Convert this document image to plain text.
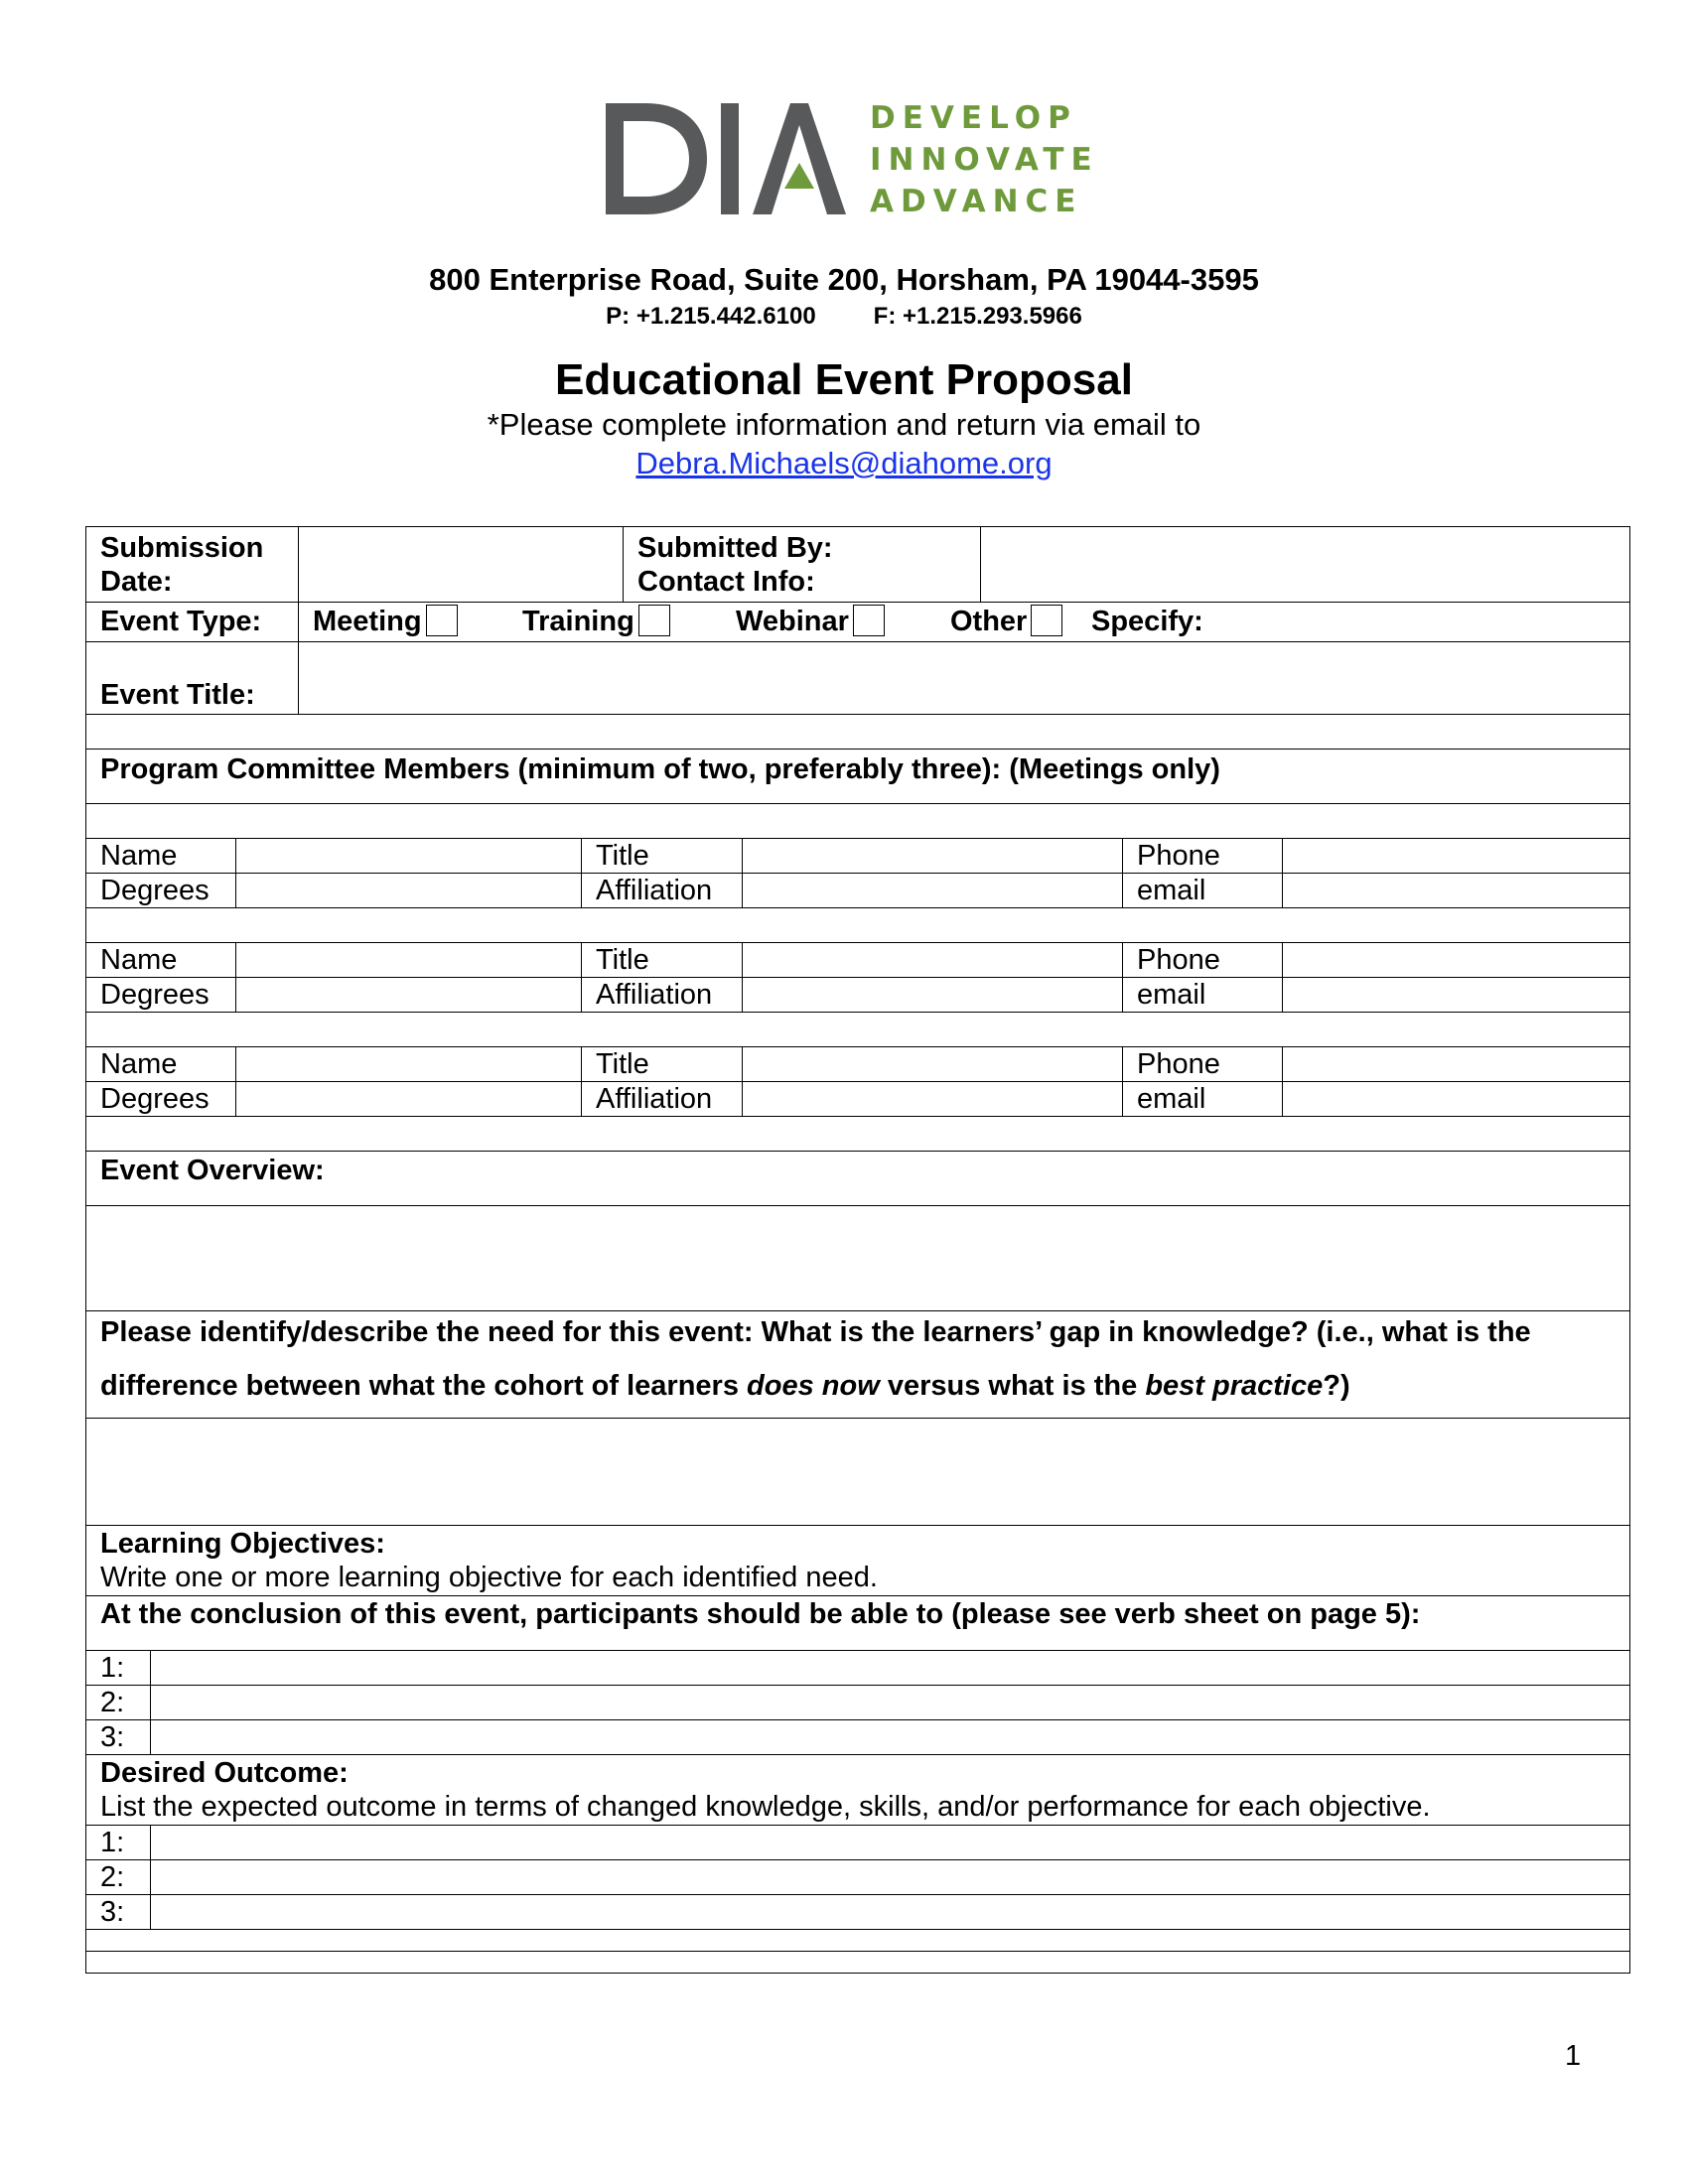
DEVELOP
INNOVATE
ADVANCE
800 Enterprise Road, Suite 200, Horsham, PA 19044-3595
P: +1.215.442.6100 F: +1.215.293.5966
Educational Event Proposal
*Please complete information and return via email to
Debra.Michaels@diahome.org
Submission
Date:
Submitted By:
Contact Info:
Event Type: Meeting	Training	Webinar	Other	Specify:
Event Title:
Program Committee Members (minimum of two, preferably three): (Meetings only)
Name	Title	Phone
Degrees	Affiliation	email
Name	Title	Phone
Degrees	Affiliation	email
Name	Title	Phone
Degrees	Affiliation	email
Event Overview:
Please identify/describe the need for this event: What is the learners’ gap in knowledge? (i.e., what is the
difference between what the cohort of learners does now versus what is the best practice?)
Learning Objectives:
Write one or more learning objective for each identified need.
At the conclusion of this event, participants should be able to (please see verb sheet on page 5):
1:
2:
3:
Desired Outcome:
List the expected outcome in terms of changed knowledge, skills, and/or performance for each objective.
1:
2:
3:
1
